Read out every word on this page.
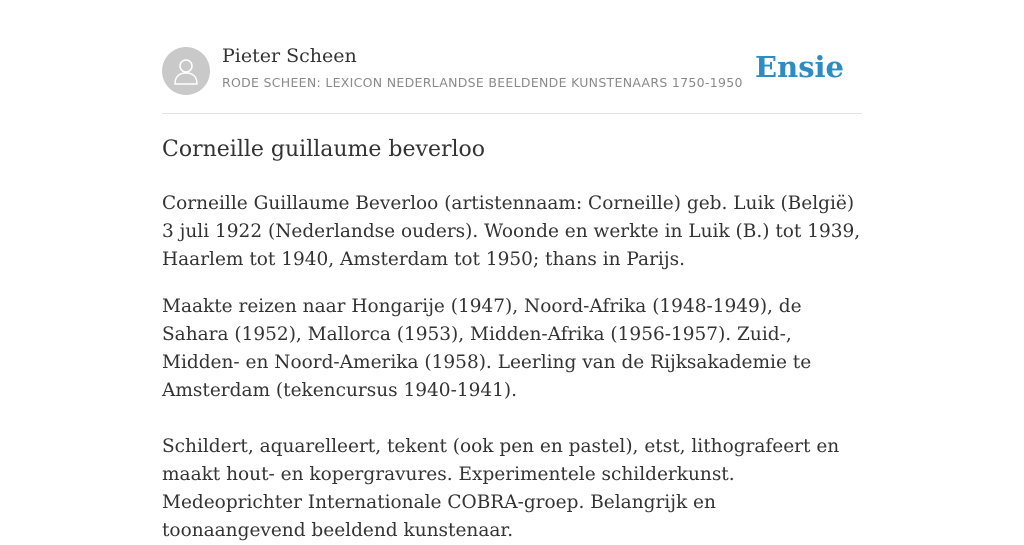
Pieter Scheen
RODE SCHEEN: LEXICON NEDERLANDSE BEELDENDE KUNSTENAARS 1750-1950 Ensie
Corneille guillaume beverloo

Corneille Guillaume Beverloo (artistennaam: Corneille) geb. Luik (België) 3 juli 1922 (Nederlandse ouders). Woonde en werkte in Luik (B.) tot 1939, Haarlem tot 1940, Amsterdam tot 1950; thans in Parijs.

Maakte reizen naar Hongarije (1947), Noord-Afrika (1948-1949), de Sahara (1952), Mallorca (1953), Midden-Afrika (1956-1957). Zuid-, Midden- en Noord-Amerika (1958). Leerling van de Rijksakademie te Amsterdam (tekencursus 1940-1941).

Schildert, aquarelleert, tekent (ook pen en pastel), etst, lithografeert en maakt hout- en kopergravures. Experimentele schilderkunst. Medeoprichter Internationale COBRA-groep. Belangrijk en toonaangevend beeldend kunstenaar.
